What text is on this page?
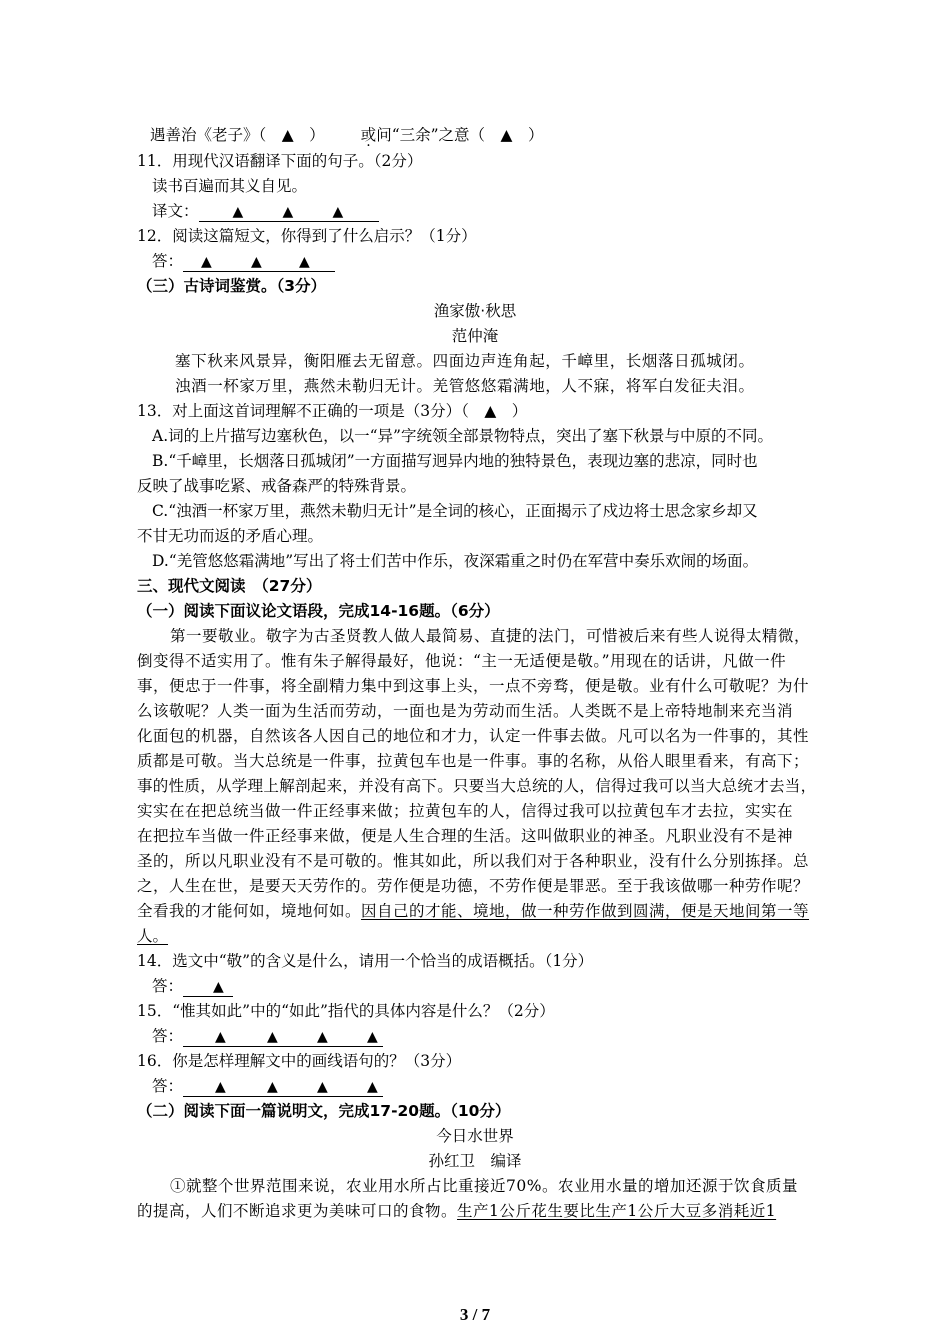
遇善治《老子》（　▲　） 或问“三余”之意（　▲　）
11．用现代汉语翻译下面的句子。（2分）
读书百遍而其义自见。
译文： ▲	▲	▲
12．阅读这篇短文，你得到了什么启示？（1分）
答： ▲	▲	▲
（三）古诗词鉴赏。（3分）
渔家傲·秋思
范仲淹
塞下秋来风景异，衡阳雁去无留意。四面边声连角起，千嶂里，长烟落日孤城闭。
浊酒一杯家万里，燕然未勒归无计。羌管悠悠霜满地，人不寐，将军白发征夫泪。
13．对上面这首词理解不正确的一项是（3分）（　▲　）
A.词的上片描写边塞秋色，以一“异”字统领全部景物特点，突出了塞下秋景与中原的不同。
B.“千嶂里，长烟落日孤城闭”一方面描写迥异内地的独特景色，表现边塞的悲凉，同时也
反映了战事吃紧、戒备森严的特殊背景。
C.“浊酒一杯家万里，燕然未勒归无计”是全词的核心，正面揭示了戍边将士思念家乡却又
不甘无功而返的矛盾心理。
D.“羌管悠悠霜满地”写出了将士们苦中作乐，夜深霜重之时仍在军营中奏乐欢闹的场面。
三、现代文阅读　（27分）
（一）阅读下面议论文语段，完成14-16题。（6分）
第一要敬业。敬字为古圣贤教人做人最简易、直捷的法门，可惜被后来有些人说得太精微，
倒变得不适实用了。惟有朱子解得最好，他说：“主一无适便是敬。”用现在的话讲，凡做一件
事，便忠于一件事，将全副精力集中到这事上头，一点不旁骛，便是敬。业有什么可敬呢？为什
么该敬呢？人类一面为生活而劳动，一面也是为劳动而生活。人类既不是上帝特地制来充当消
化面包的机器，自然该各人因自己的地位和才力，认定一件事去做。凡可以名为一件事的，其性
质都是可敬。当大总统是一件事，拉黄包车也是一件事。事的名称，从俗人眼里看来，有高下；
事的性质，从学理上解剖起来，并没有高下。只要当大总统的人，信得过我可以当大总统才去当，
实实在在把总统当做一件正经事来做；拉黄包车的人，信得过我可以拉黄包车才去拉，实实在
在把拉车当做一件正经事来做，便是人生合理的生活。这叫做职业的神圣。凡职业没有不是神
圣的，所以凡职业没有不是可敬的。惟其如此，所以我们对于各种职业，没有什么分别拣择。总
之，人生在世，是要天天劳作的。劳作便是功德，不劳作便是罪恶。至于我该做哪一种劳作呢？
全看我的才能何如，境地何如。因自己的才能、境地，做一种劳作做到圆满，便是天地间第一等
人。
14．选文中“敬”的含义是什么，请用一个恰当的成语概括。（1分）
答： ▲
15．“惟其如此”中的“如此”指代的具体内容是什么？（2分）
答： ▲	▲	▲	▲
16．你是怎样理解文中的画线语句的？（3分）
答： ▲	▲	▲	▲
（二）阅读下面一篇说明文，完成17-20题。（10分）
今日水世界
孙红卫　编译
①就整个世界范围来说，农业用水所占比重接近70%。农业用水量的增加还源于饮食质量
的提高，人们不断追求更为美味可口的食物。生产1公斤花生要比生产1公斤大豆多消耗近1
3 / 7
